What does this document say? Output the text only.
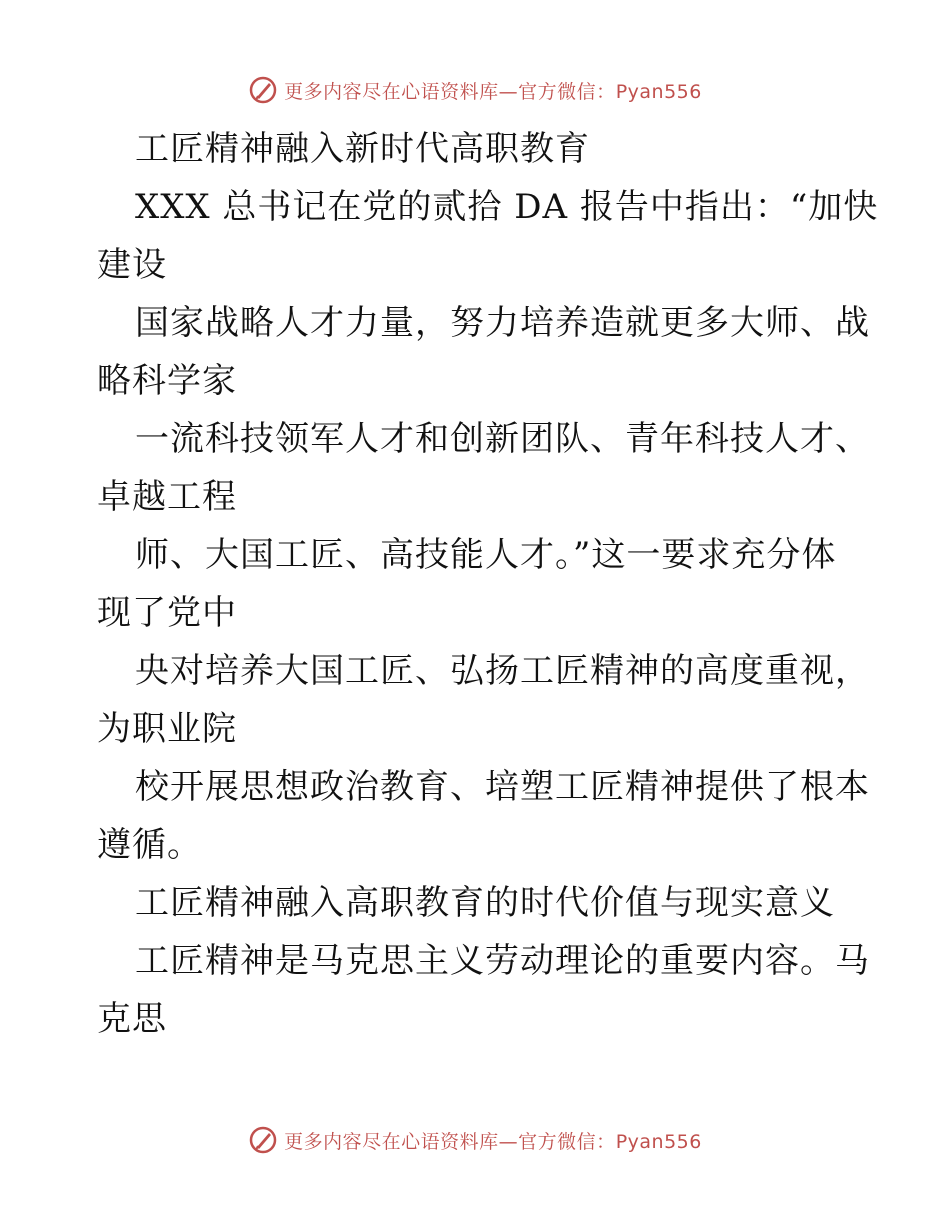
更多内容尽在心语资料库—官方微信：Pyan556
工匠精神融入新时代高职教育
XXX 总书记在党的贰拾 DA 报告中指出：“加快
建设
国家战略人才力量，努力培养造就更多大师、战
略科学家
一流科技领军人才和创新团队、青年科技人才、
卓越工程
师、大国工匠、高技能人才。”这一要求充分体
现了党中
央对培养大国工匠、弘扬工匠精神的高度重视，
为职业院
校开展思想政治教育、培塑工匠精神提供了根本
遵循。
工匠精神融入高职教育的时代价值与现实意义
工匠精神是马克思主义劳动理论的重要内容。马
克思
更多内容尽在心语资料库—官方微信：Pyan556
